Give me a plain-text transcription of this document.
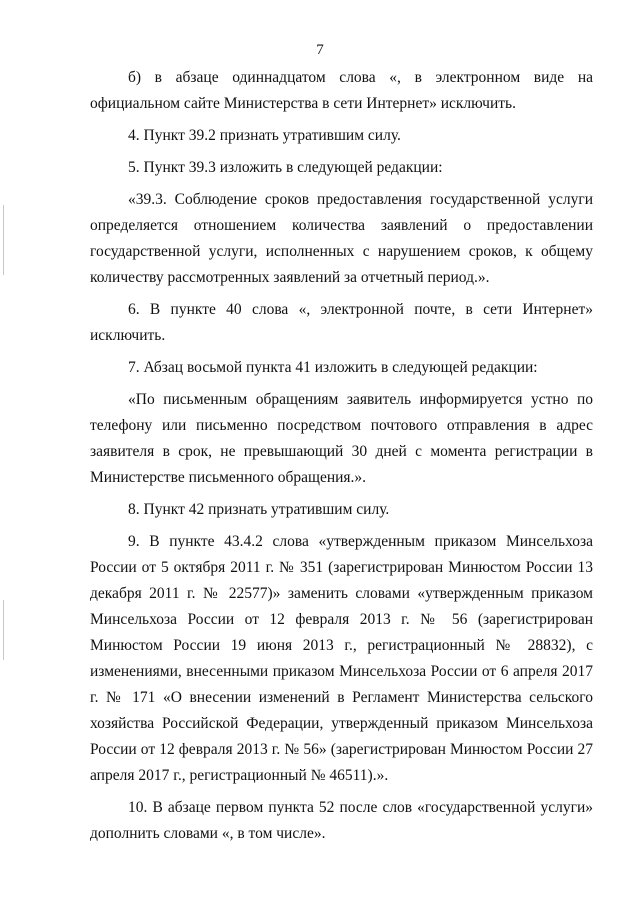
7

б) в абзаце одиннадцатом слова «, в электронном виде на официальном сайте Министерства в сети Интернет» исключить.

4. Пункт 39.2 признать утратившим силу.

5. Пункт 39.3 изложить в следующей редакции:

«39.3. Соблюдение сроков предоставления государственной услуги определяется отношением количества заявлений о предоставлении государственной услуги, исполненных с нарушением сроков, к общему количеству рассмотренных заявлений за отчетный период.».

6. В пункте 40 слова «, электронной почте, в сети Интернет» исключить.

7. Абзац восьмой пункта 41 изложить в следующей редакции:

«По письменным обращениям заявитель информируется устно по телефону или письменно посредством почтового отправления в адрес заявителя в срок, не превышающий 30 дней с момента регистрации в Министерстве письменного обращения.».

8. Пункт 42 признать утратившим силу.

9. В пункте 43.4.2 слова «утвержденным приказом Минсельхоза России от 5 октября 2011 г. № 351 (зарегистрирован Минюстом России 13 декабря 2011 г. № 22577)» заменить словами «утвержденным приказом Минсельхоза России от 12 февраля 2013 г. № 56 (зарегистрирован Минюстом России 19 июня 2013 г., регистрационный № 28832), с изменениями, внесенными приказом Минсельхоза России от 6 апреля 2017 г. № 171 «О внесении изменений в Регламент Министерства сельского хозяйства Российской Федерации, утвержденный приказом Минсельхоза России от 12 февраля 2013 г. № 56» (зарегистрирован Минюстом России 27 апреля 2017 г., регистрационный № 46511).».

10. В абзаце первом пункта 52 после слов «государственной услуги» дополнить словами «, в том числе».
